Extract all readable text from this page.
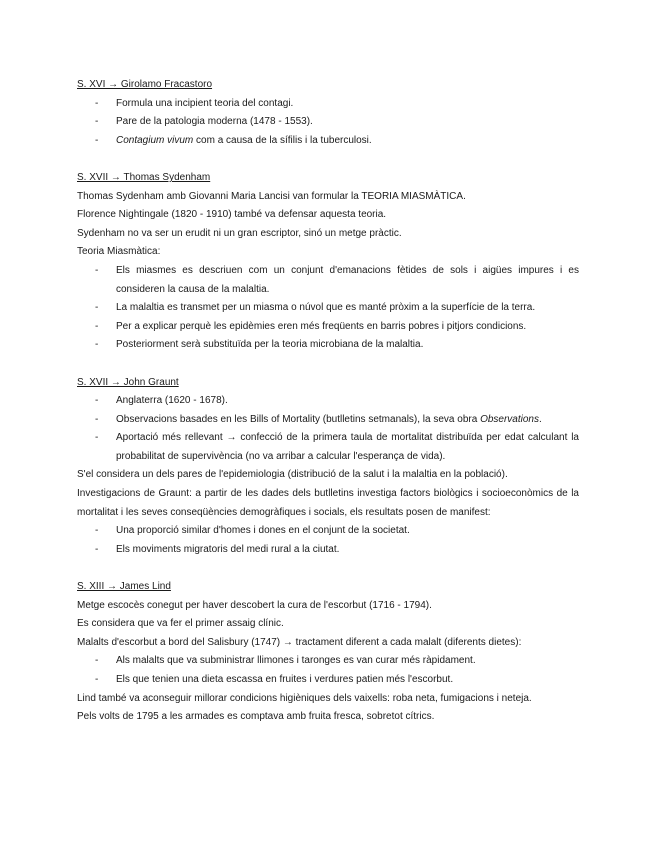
S. XVI → Girolamo Fracastoro
- Formula una incipient teoria del contagi.
- Pare de la patologia moderna (1478 - 1553).
- Contagium vivum com a causa de la sífilis i la tuberculosi.
S. XVII → Thomas Sydenham
Thomas Sydenham amb Giovanni Maria Lancisi van formular la TEORIA MIASMÀTICA.
Florence Nightingale (1820 - 1910) també va defensar aquesta teoria.
Sydenham no va ser un erudit ni un gran escriptor, sinó un metge pràctic.
Teoria Miasmàtica:
- Els miasmes es descriuen com un conjunt d'emanacions fètides de sols i aigües impures i es consideren la causa de la malaltia.
- La malaltia es transmet per un miasma o núvol que es manté pròxim a la superfície de la terra.
- Per a explicar perquè les epidèmies eren més freqüents en barris pobres i pitjors condicions.
- Posteriorment serà substituïda per la teoria microbiana de la malaltia.
S. XVII → John Graunt
- Anglaterra (1620 - 1678).
- Observacions basades en les Bills of Mortality (butlletins setmanals), la seva obra Observations.
- Aportació més rellevant → confecció de la primera taula de mortalitat distribuïda per edat calculant la probabilitat de supervivència (no va arribar a calcular l'esperança de vida).
S'el considera un dels pares de l'epidemiologia (distribució de la salut i la malaltia en la població).
Investigacions de Graunt: a partir de les dades dels butlletins investiga factors biològics i socioeconòmics de la mortalitat i les seves conseqüències demogràfiques i socials, els resultats posen de manifest:
- Una proporció similar d'homes i dones en el conjunt de la societat.
- Els moviments migratoris del medi rural a la ciutat.
S. XIII → James Lind
Metge escocès conegut per haver descobert la cura de l'escorbut (1716 - 1794).
Es considera que va fer el primer assaig clínic.
Malalts d'escorbut a bord del Salisbury (1747) → tractament diferent a cada malalt (diferents dietes):
- Als malalts que va subministrar llimones i taronges es van curar més ràpidament.
- Els que tenien una dieta escassa en fruites i verdures patien més l'escorbut.
Lind també va aconseguir millorar condicions higièniques dels vaixells: roba neta, fumigacions i neteja.
Pels volts de 1795 a les armades es comptava amb fruita fresca, sobretot cítrics.
